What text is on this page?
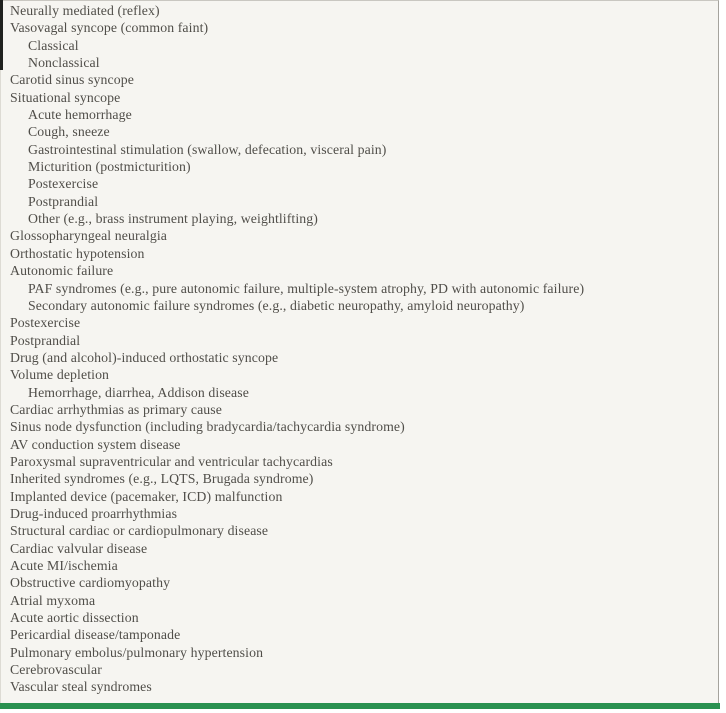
Neurally mediated (reflex)
Vasovagal syncope (common faint)
Classical
Nonclassical
Carotid sinus syncope
Situational syncope
Acute hemorrhage
Cough, sneeze
Gastrointestinal stimulation (swallow, defecation, visceral pain)
Micturition (postmicturition)
Postexercise
Postprandial
Other (e.g., brass instrument playing, weightlifting)
Glossopharyngeal neuralgia
Orthostatic hypotension
Autonomic failure
PAF syndromes (e.g., pure autonomic failure, multiple-system atrophy, PD with autonomic failure)
Secondary autonomic failure syndromes (e.g., diabetic neuropathy, amyloid neuropathy)
Postexercise
Postprandial
Drug (and alcohol)-induced orthostatic syncope
Volume depletion
Hemorrhage, diarrhea, Addison disease
Cardiac arrhythmias as primary cause
Sinus node dysfunction (including bradycardia/tachycardia syndrome)
AV conduction system disease
Paroxysmal supraventricular and ventricular tachycardias
Inherited syndromes (e.g., LQTS, Brugada syndrome)
Implanted device (pacemaker, ICD) malfunction
Drug-induced proarrhythmias
Structural cardiac or cardiopulmonary disease
Cardiac valvular disease
Acute MI/ischemia
Obstructive cardiomyopathy
Atrial myxoma
Acute aortic dissection
Pericardial disease/tamponade
Pulmonary embolus/pulmonary hypertension
Cerebrovascular
Vascular steal syndromes
